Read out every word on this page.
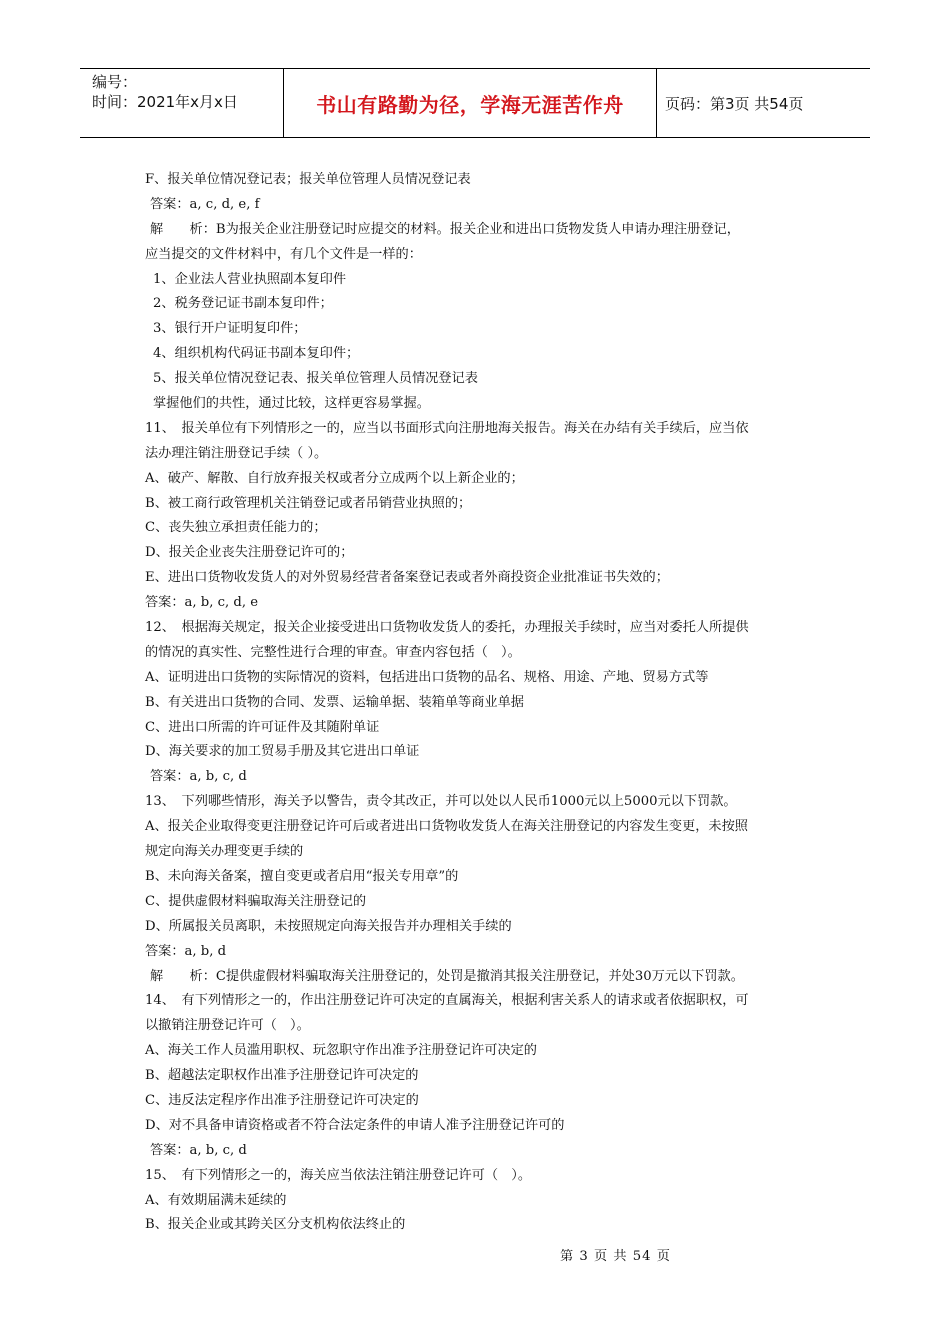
编号：
时间：2021年x月x日	书山有路勤为径，学海无涯苦作舟	页码：第3页 共54页
F、报关单位情况登记表；报关单位管理人员情况登记表
答案：a, c, d, e, f
解　　析：B为报关企业注册登记时应提交的材料。报关企业和进出口货物发货人申请办理注册登记，
应当提交的文件材料中，有几个文件是一样的：
1、企业法人营业执照副本复印件
2、税务登记证书副本复印件；
3、银行开户证明复印件；
4、组织机构代码证书副本复印件；
5、报关单位情况登记表、报关单位管理人员情况登记表
掌握他们的共性，通过比较，这样更容易掌握。
11、　报关单位有下列情形之一的，应当以书面形式向注册地海关报告。海关在办结有关手续后，应当依
法办理注销注册登记手续（ ）。
A、破产、解散、自行放弃报关权或者分立成两个以上新企业的；
B、被工商行政管理机关注销登记或者吊销营业执照的；
C、丧失独立承担责任能力的；
D、报关企业丧失注册登记许可的；
E、进出口货物收发货人的对外贸易经营者备案登记表或者外商投资企业批准证书失效的；
答案：a, b, c, d, e
12、　根据海关规定，报关企业接受进出口货物收发货人的委托，办理报关手续时，应当对委托人所提供
的情况的真实性、完整性进行合理的审查。审查内容包括（　）。
A、证明进出口货物的实际情况的资料，包括进出口货物的品名、规格、用途、产地、贸易方式等
B、有关进出口货物的合同、发票、运输单据、装箱单等商业单据
C、进出口所需的许可证件及其随附单证
D、海关要求的加工贸易手册及其它进出口单证
答案：a, b, c, d
13、　下列哪些情形，海关予以警告，责令其改正，并可以处以人民币1000元以上5000元以下罚款。
A、报关企业取得变更注册登记许可后或者进出口货物收发货人在海关注册登记的内容发生变更，未按照
规定向海关办理变更手续的
B、未向海关备案，擅自变更或者启用“报关专用章”的
C、提供虚假材料骗取海关注册登记的
D、所属报关员离职，未按照规定向海关报告并办理相关手续的
答案：a, b, d
解　　析：C提供虚假材料骗取海关注册登记的，处罚是撤消其报关注册登记，并处30万元以下罚款。
14、　有下列情形之一的，作出注册登记许可决定的直属海关，根据利害关系人的请求或者依据职权，可
以撤销注册登记许可（　）。
A、海关工作人员滥用职权、玩忽职守作出准予注册登记许可决定的
B、超越法定职权作出准予注册登记许可决定的
C、违反法定程序作出准予注册登记许可决定的
D、对不具备申请资格或者不符合法定条件的申请人准予注册登记许可的
答案：a, b, c, d
15、　有下列情形之一的，海关应当依法注销注册登记许可（　）。
A、有效期届满未延续的
B、报关企业或其跨关区分支机构依法终止的
第 3 页 共 54 页
